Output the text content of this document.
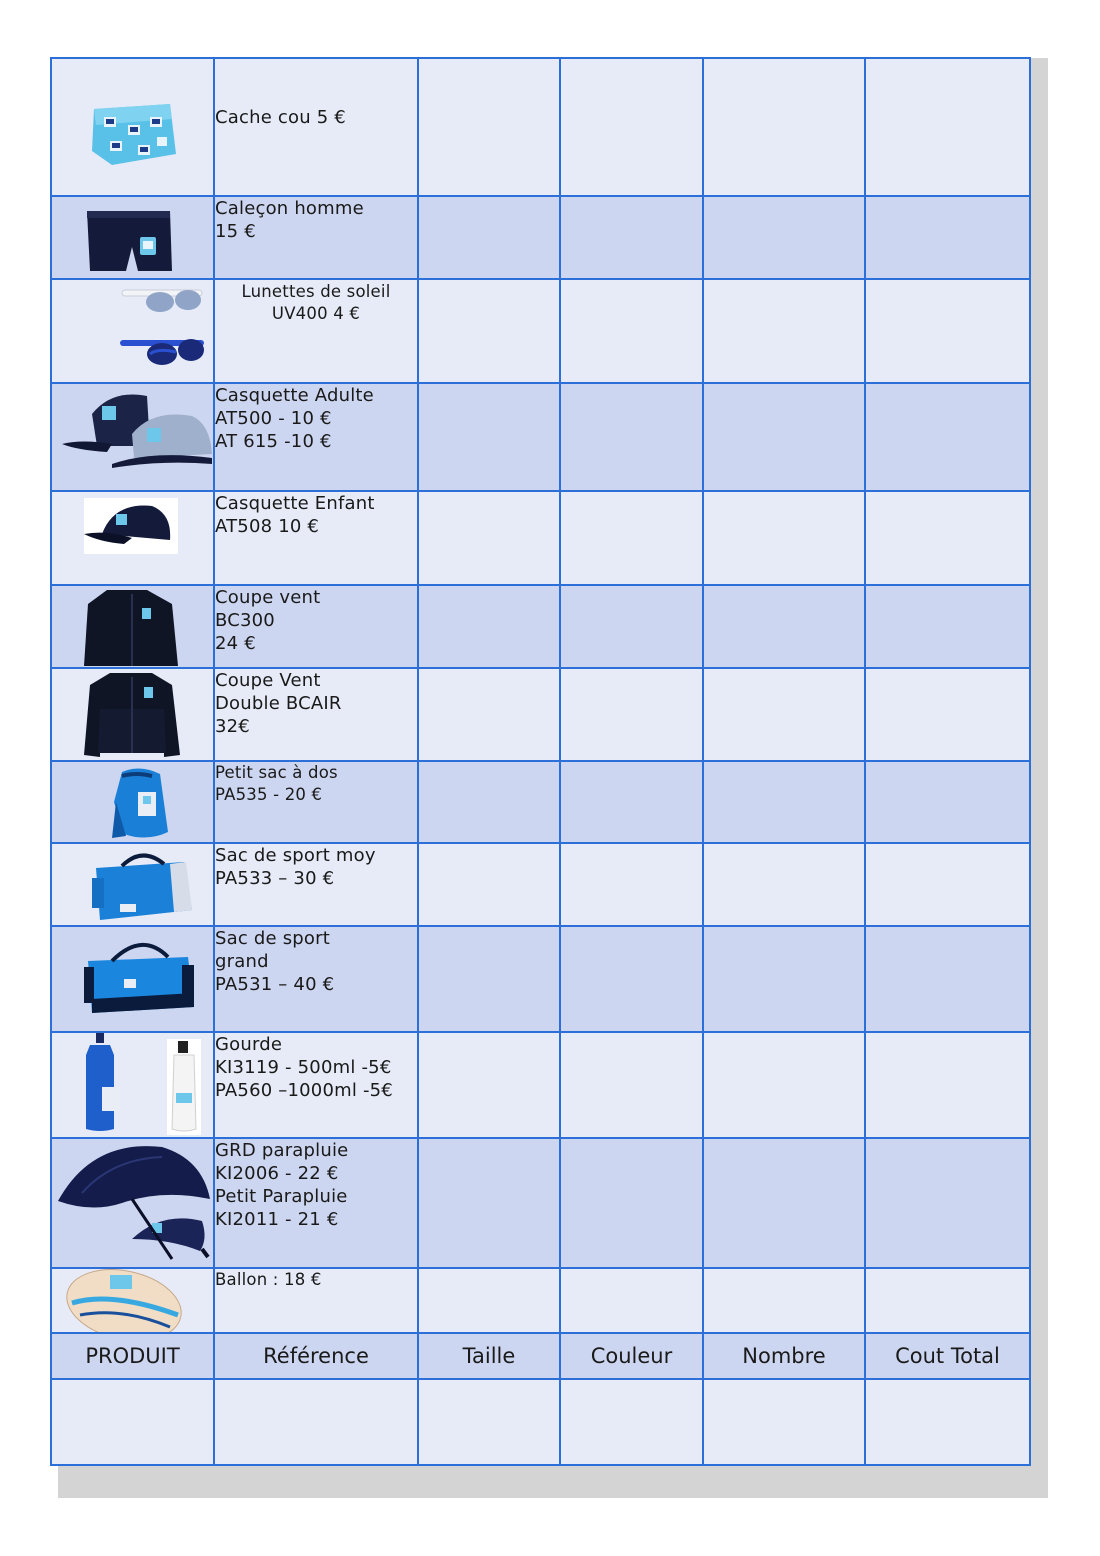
Cache cou 5 €				

Caleçon homme
15 €				

Lunettes de soleil
UV400 4 €				

Casquette Adulte
AT500 - 10 €
AT 615 -10 €				

Casquette Enfant
AT508 10 €				

Coupe vent
BC300
24 €				

Coupe Vent
Double BCAIR
32€				

Petit sac à dos
PA535 - 20 €				

Sac de sport moy
PA533 – 30 €				

Sac de sport
grand
PA531 – 40 €				

Gourde
KI3119 - 500ml -5€
PA560 –1000ml -5€				

GRD parapluie
KI2006 - 22 €
Petit Parapluie
KI2011 - 21 €				

Ballon : 18 €				

PRODUIT	Référence	Taille	Couleur	Nombre	Cout Total
